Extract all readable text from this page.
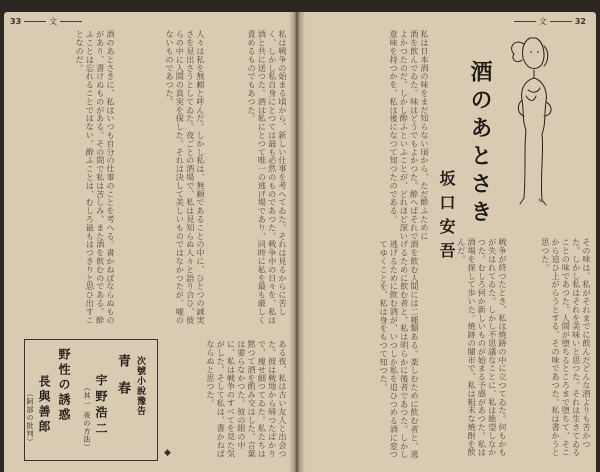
33	文	文	32
私は戦争の始まる頃から、新しい仕事を考へてゐた。それは見るからに苦しく、しかし私自身にとつては最も必然のものであつた。戦争中の日々を、私は酒と共に送つた。酒は私にとつて唯一の逃げ場であり、同時に私を最も厳しく責めるものでもあつた。
人々は私を無頼と呼んだ。しかし私は、無頼であることの中に、ひとつの誠実さを見出さうとしてゐた。夜ごとの酒場で、私は見知らぬ人々と語り合ひ、彼らの中に人間の真実を探した。それは決して美しいものではなかつたが、嘘のないものであつた。
酒のあとさきに、私はいつも自分の仕事のことを考へる。書かねばならぬものがあり、書けぬものがある。その間で私は苦しみ、また酒を飲むのである。酔ふことは忘れることではない。酔ふことは、むしろ最もはつきりと思ひ出すことなのだ。
ある夜、私は古い友人と出会つた。彼は戦地から帰つたばかりで、痩せ細つてゐた。私たちは黙つて酒を酌み交はした。言葉は要らなかつた。彼の眼の中に、私は戦争のすべてを見た気がした。そして私は、書かねばならぬと思つた。
次號小說豫告
青春
宇野浩二
（其一 夜の方法）
野性の誘惑
長與善郎
（阿部の批判）
◆
私は日本酒の味をまだ知らない頃から、ただ酔ふために酒を飲んでゐた。味はどうでもよかつた。酔へばそれでよかつたのだ。しかし酔ふといふことが、どれほど深い意味を持つかを、私は後になつて知つたのである。
酒を飲む人間には二種類ある。楽しむために飲む者と、逃げるために飲む者と。私は明らかに後者であつた。しかし逃げるために飲む酒が、いつしか私を追ひつめる酒に変つてゆくことを、私は身をもつて知つた。	戦争が終つたとき、私は焼跡の中に立つてゐた。何もかもが失はれてゐた。しかし不思議なことに、私は絶望しなかつた。むしろ何か新しいものが始まる予感があつた。私は酒場を探して歩いた。焼跡の闇市で、私は粗末な焼酎を飲んだ。	その味は、私がそれまでに飲んだどんな酒よりも苦かつた。しかし私はそれを美味いと思つた。それは生きてゐることの味であつた。人間が堕ちるところまで堕ちて、そこから這ひ上がらうとする、その味であつた。私は書かうと思つた。
酒のあとさき
坂口安吾	✎
